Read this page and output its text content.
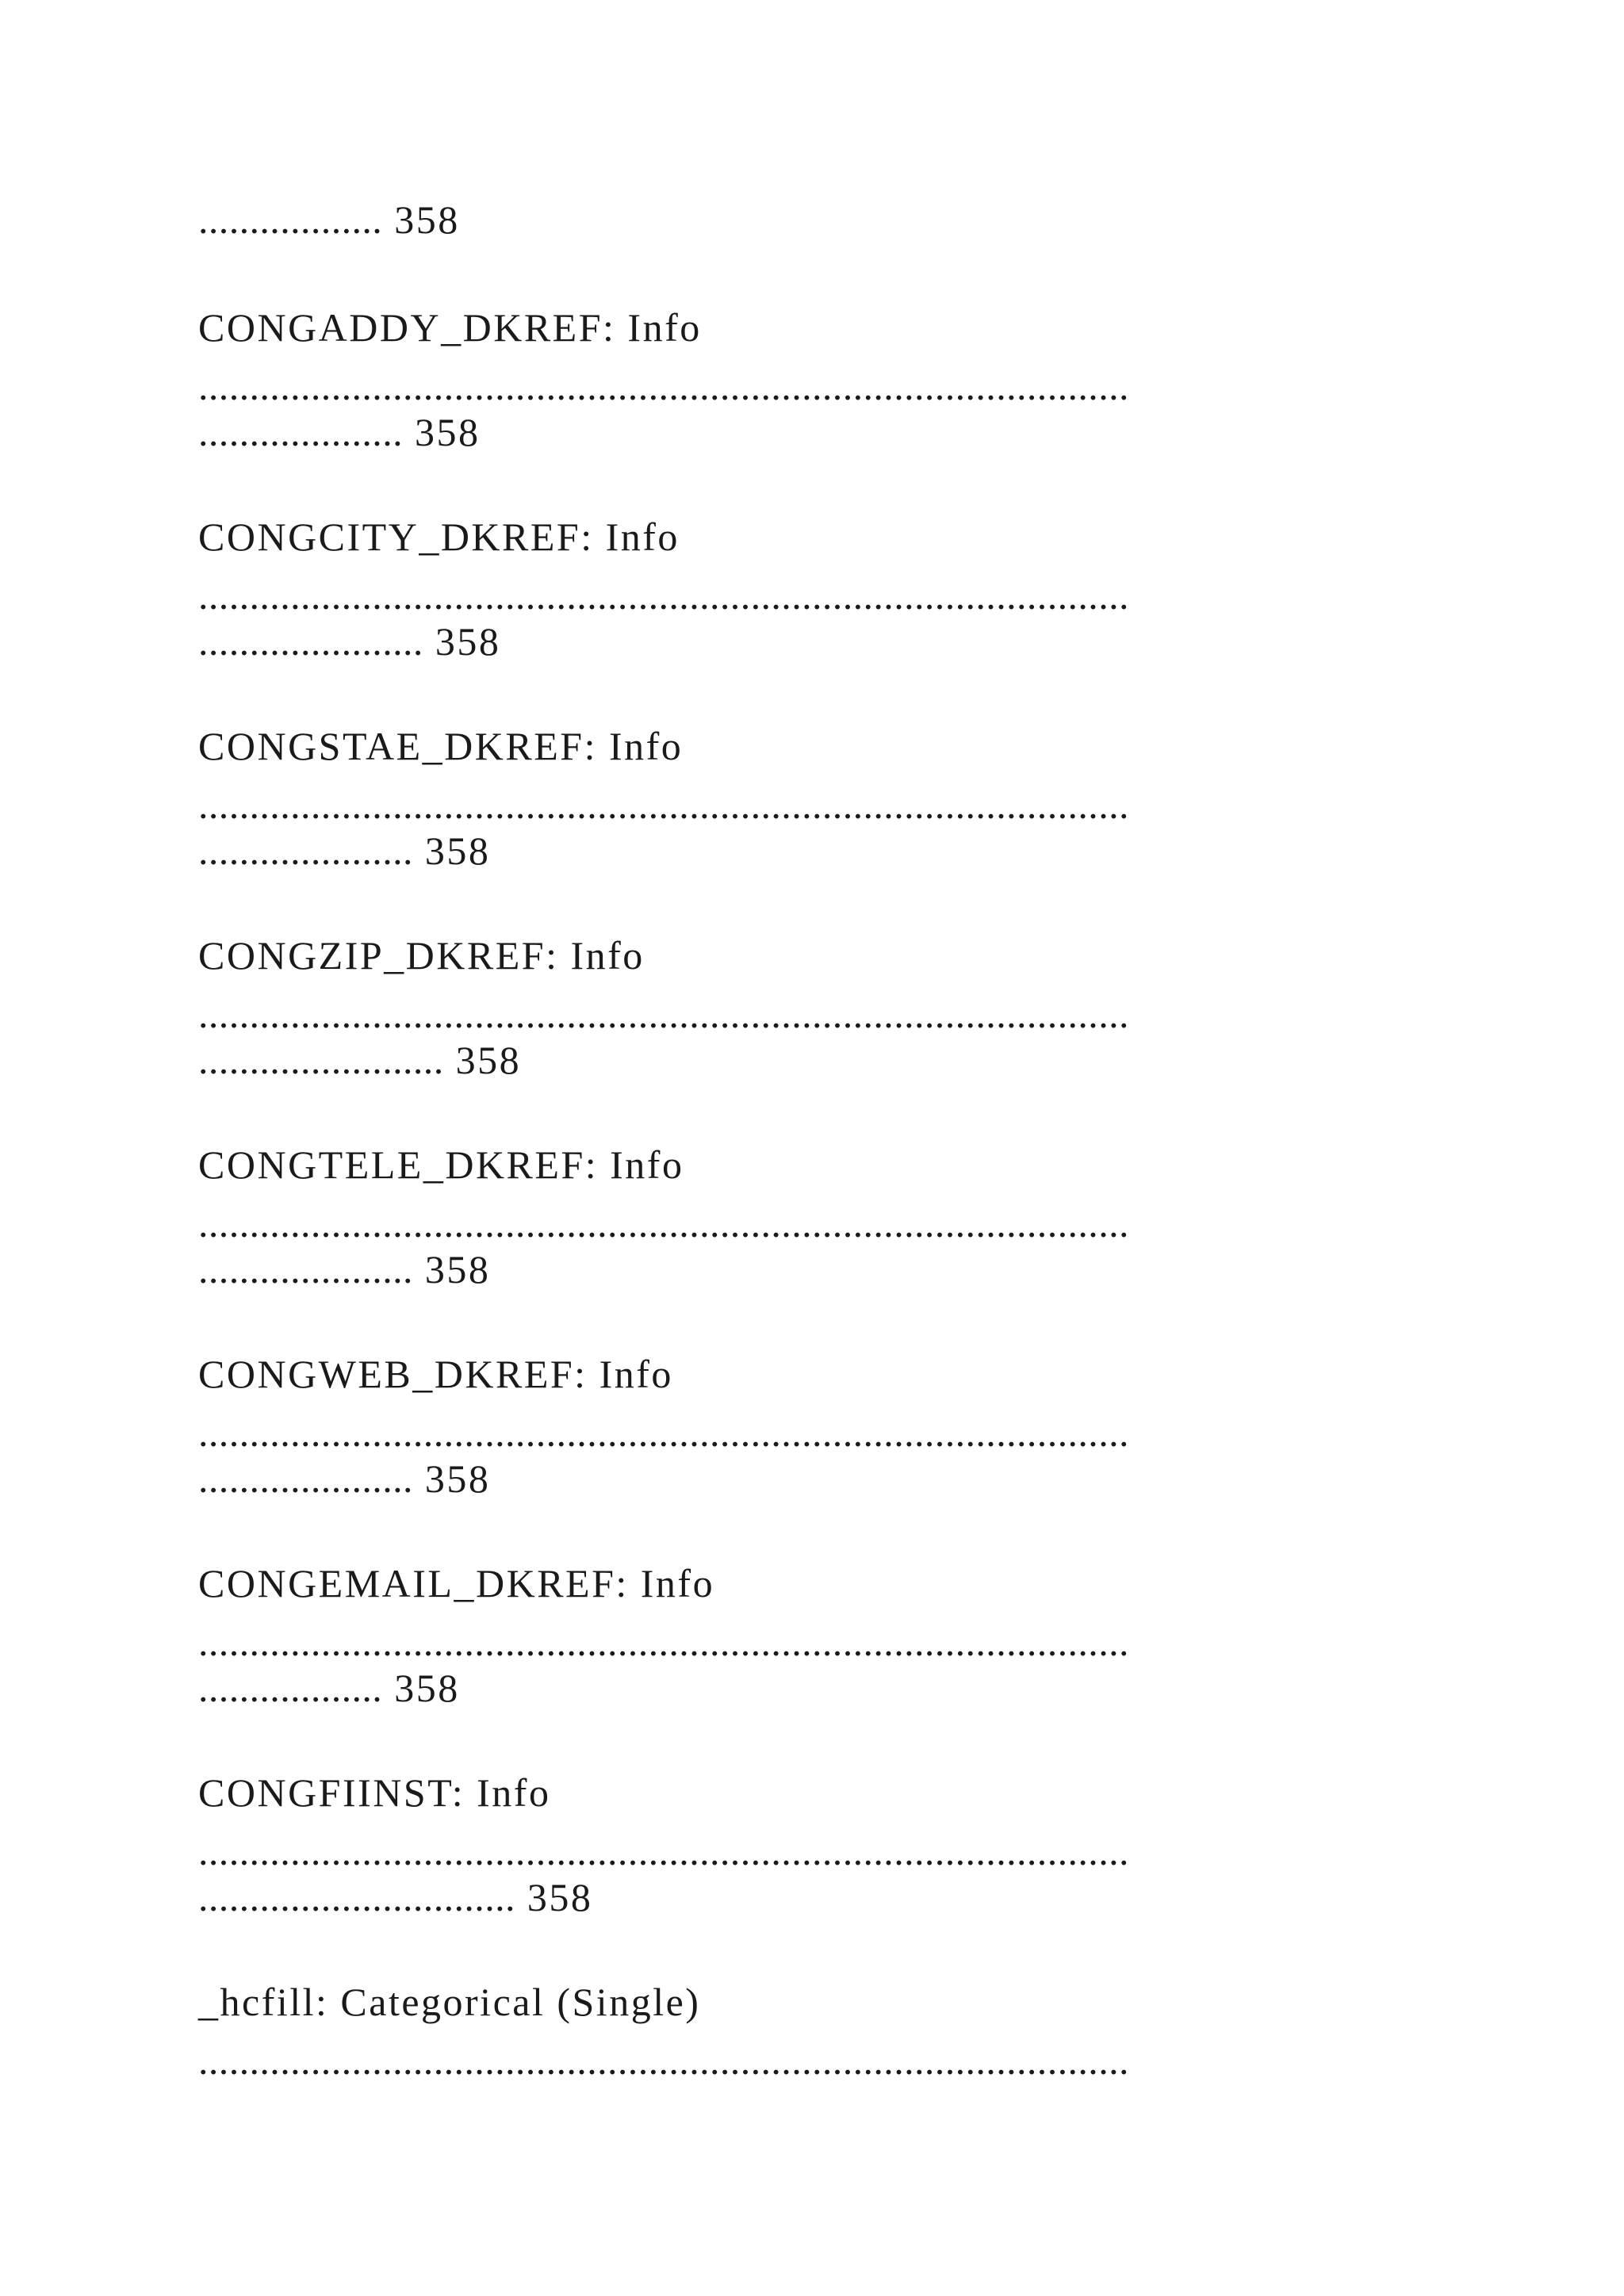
.................. 358
CONGADDY_DKREF: Info
...........................................................................................
.................... 358
CONGCITY_DKREF: Info
...........................................................................................
...................... 358
CONGSTAE_DKREF: Info
...........................................................................................
..................... 358
CONGZIP_DKREF: Info
...........................................................................................
........................ 358
CONGTELE_DKREF: Info
...........................................................................................
..................... 358
CONGWEB_DKREF: Info
...........................................................................................
..................... 358
CONGEMAIL_DKREF: Info
...........................................................................................
.................. 358
CONGFIINST: Info
...........................................................................................
............................... 358
_hcfill: Categorical (Single)
...........................................................................................
